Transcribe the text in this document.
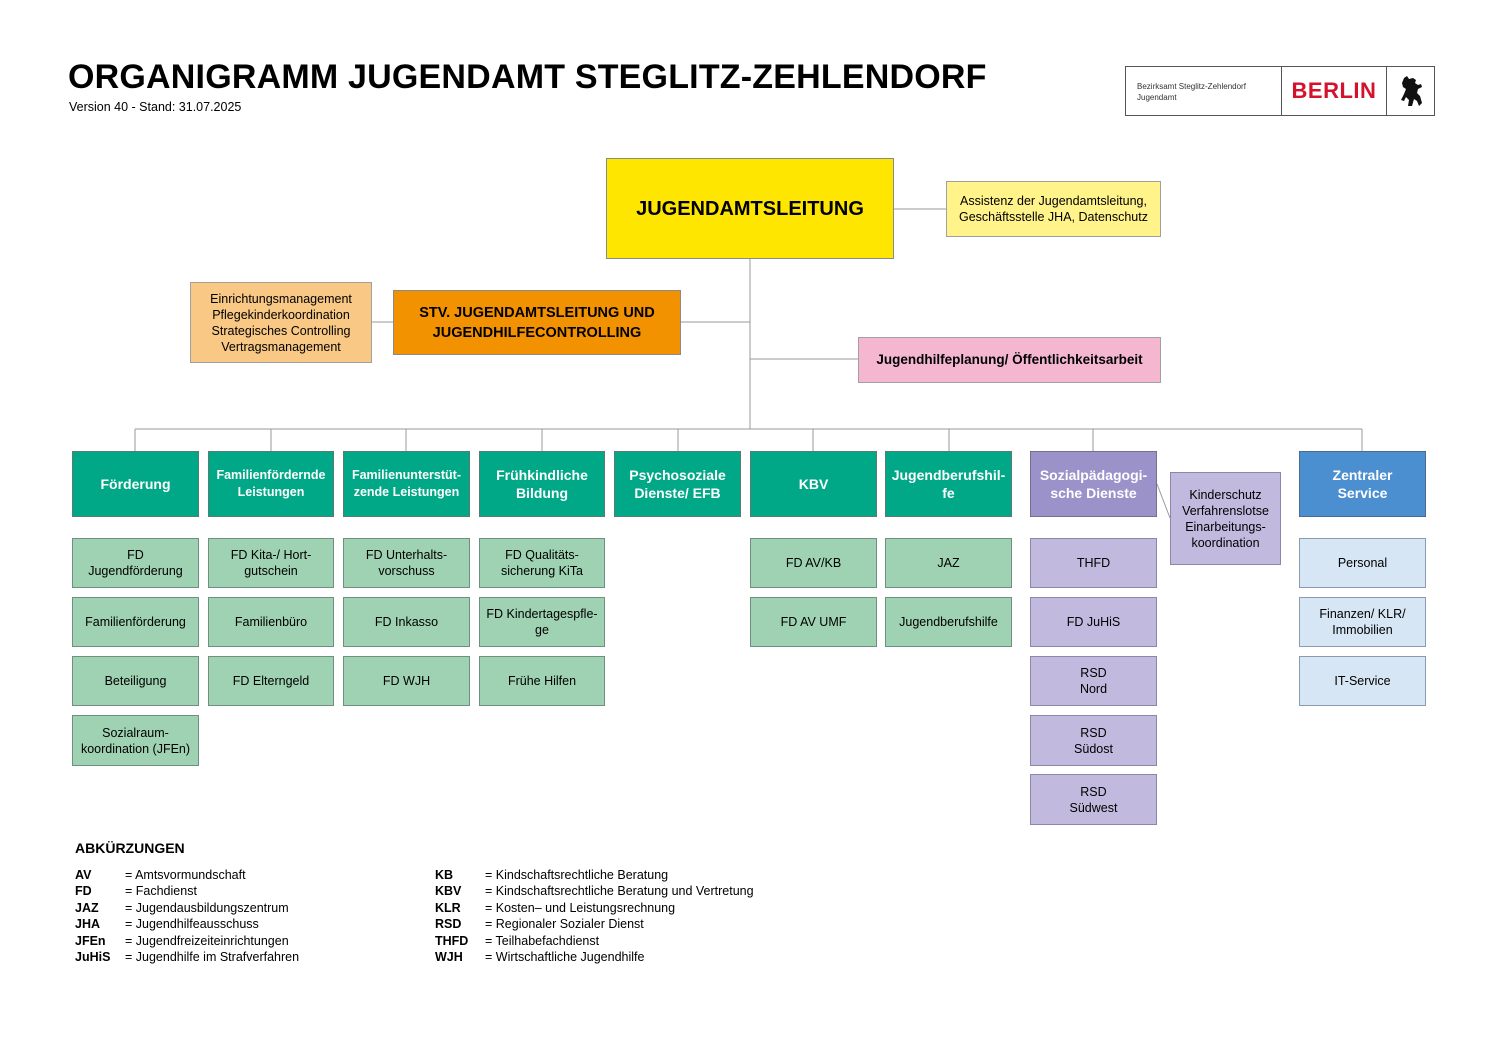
ORGANIGRAMM JUGENDAMT STEGLITZ-ZEHLENDORF
Version 40 - Stand: 31.07.2025
Bezirksamt Steglitz-Zehlendorf
Jugendamt	BERLIN
JUGENDAMTSLEITUNG	Assistenz der Jugendamtsleitung,
Geschäftsstelle JHA, Datenschutz
STV. JUGENDAMTSLEITUNG UND
JUGENDHILFECONTROLLING
Einrichtungsmanagement
Pflegekinderkoordination
Strategisches Controlling
Vertragsmanagement
Jugendhilfeplanung/ Öffentlichkeitsarbeit
Förderung
Familienfördernde
Leistungen
Familienunterstüt-
zende Leistungen
Frühkindliche
Bildung
Psychosoziale
Dienste/ EFB
KBV
Jugendberufshil-
fe
Sozialpädagogi-
sche Dienste
Zentraler
Service
Kinderschutz
Verfahrenslotse
Einarbeitungs-
koordination
FD
Jugendförderung
Familienförderung
Beteiligung
Sozialraum-
koordination (JFEn)
FD Kita-/ Hort-
gutschein
Familienbüro
FD Elterngeld
FD Unterhalts-
vorschuss
FD Inkasso
FD WJH
FD Qualitäts-
sicherung KiTa
FD Kindertagespfle-
ge
Frühe Hilfen
FD AV/KB
FD AV UMF
JAZ
Jugendberufshilfe
THFD
FD JuHiS
RSD
Nord
RSD
Südost
RSD
Südwest
Personal
Finanzen/ KLR/
Immobilien
IT-Service
ABKÜRZUNGEN
AV	= Amtsvormundschaft
FD	= Fachdienst
JAZ	= Jugendausbildungszentrum
JHA	= Jugendhilfeausschuss
JFEn	= Jugendfreizeiteinrichtungen
JuHiS	= Jugendhilfe im Strafverfahren
KB	= Kindschaftsrechtliche Beratung
KBV	= Kindschaftsrechtliche Beratung und Vertretung
KLR	= Kosten– und Leistungsrechnung
RSD	= Regionaler Sozialer Dienst
THFD	= Teilhabefachdienst
WJH	= Wirtschaftliche Jugendhilfe
